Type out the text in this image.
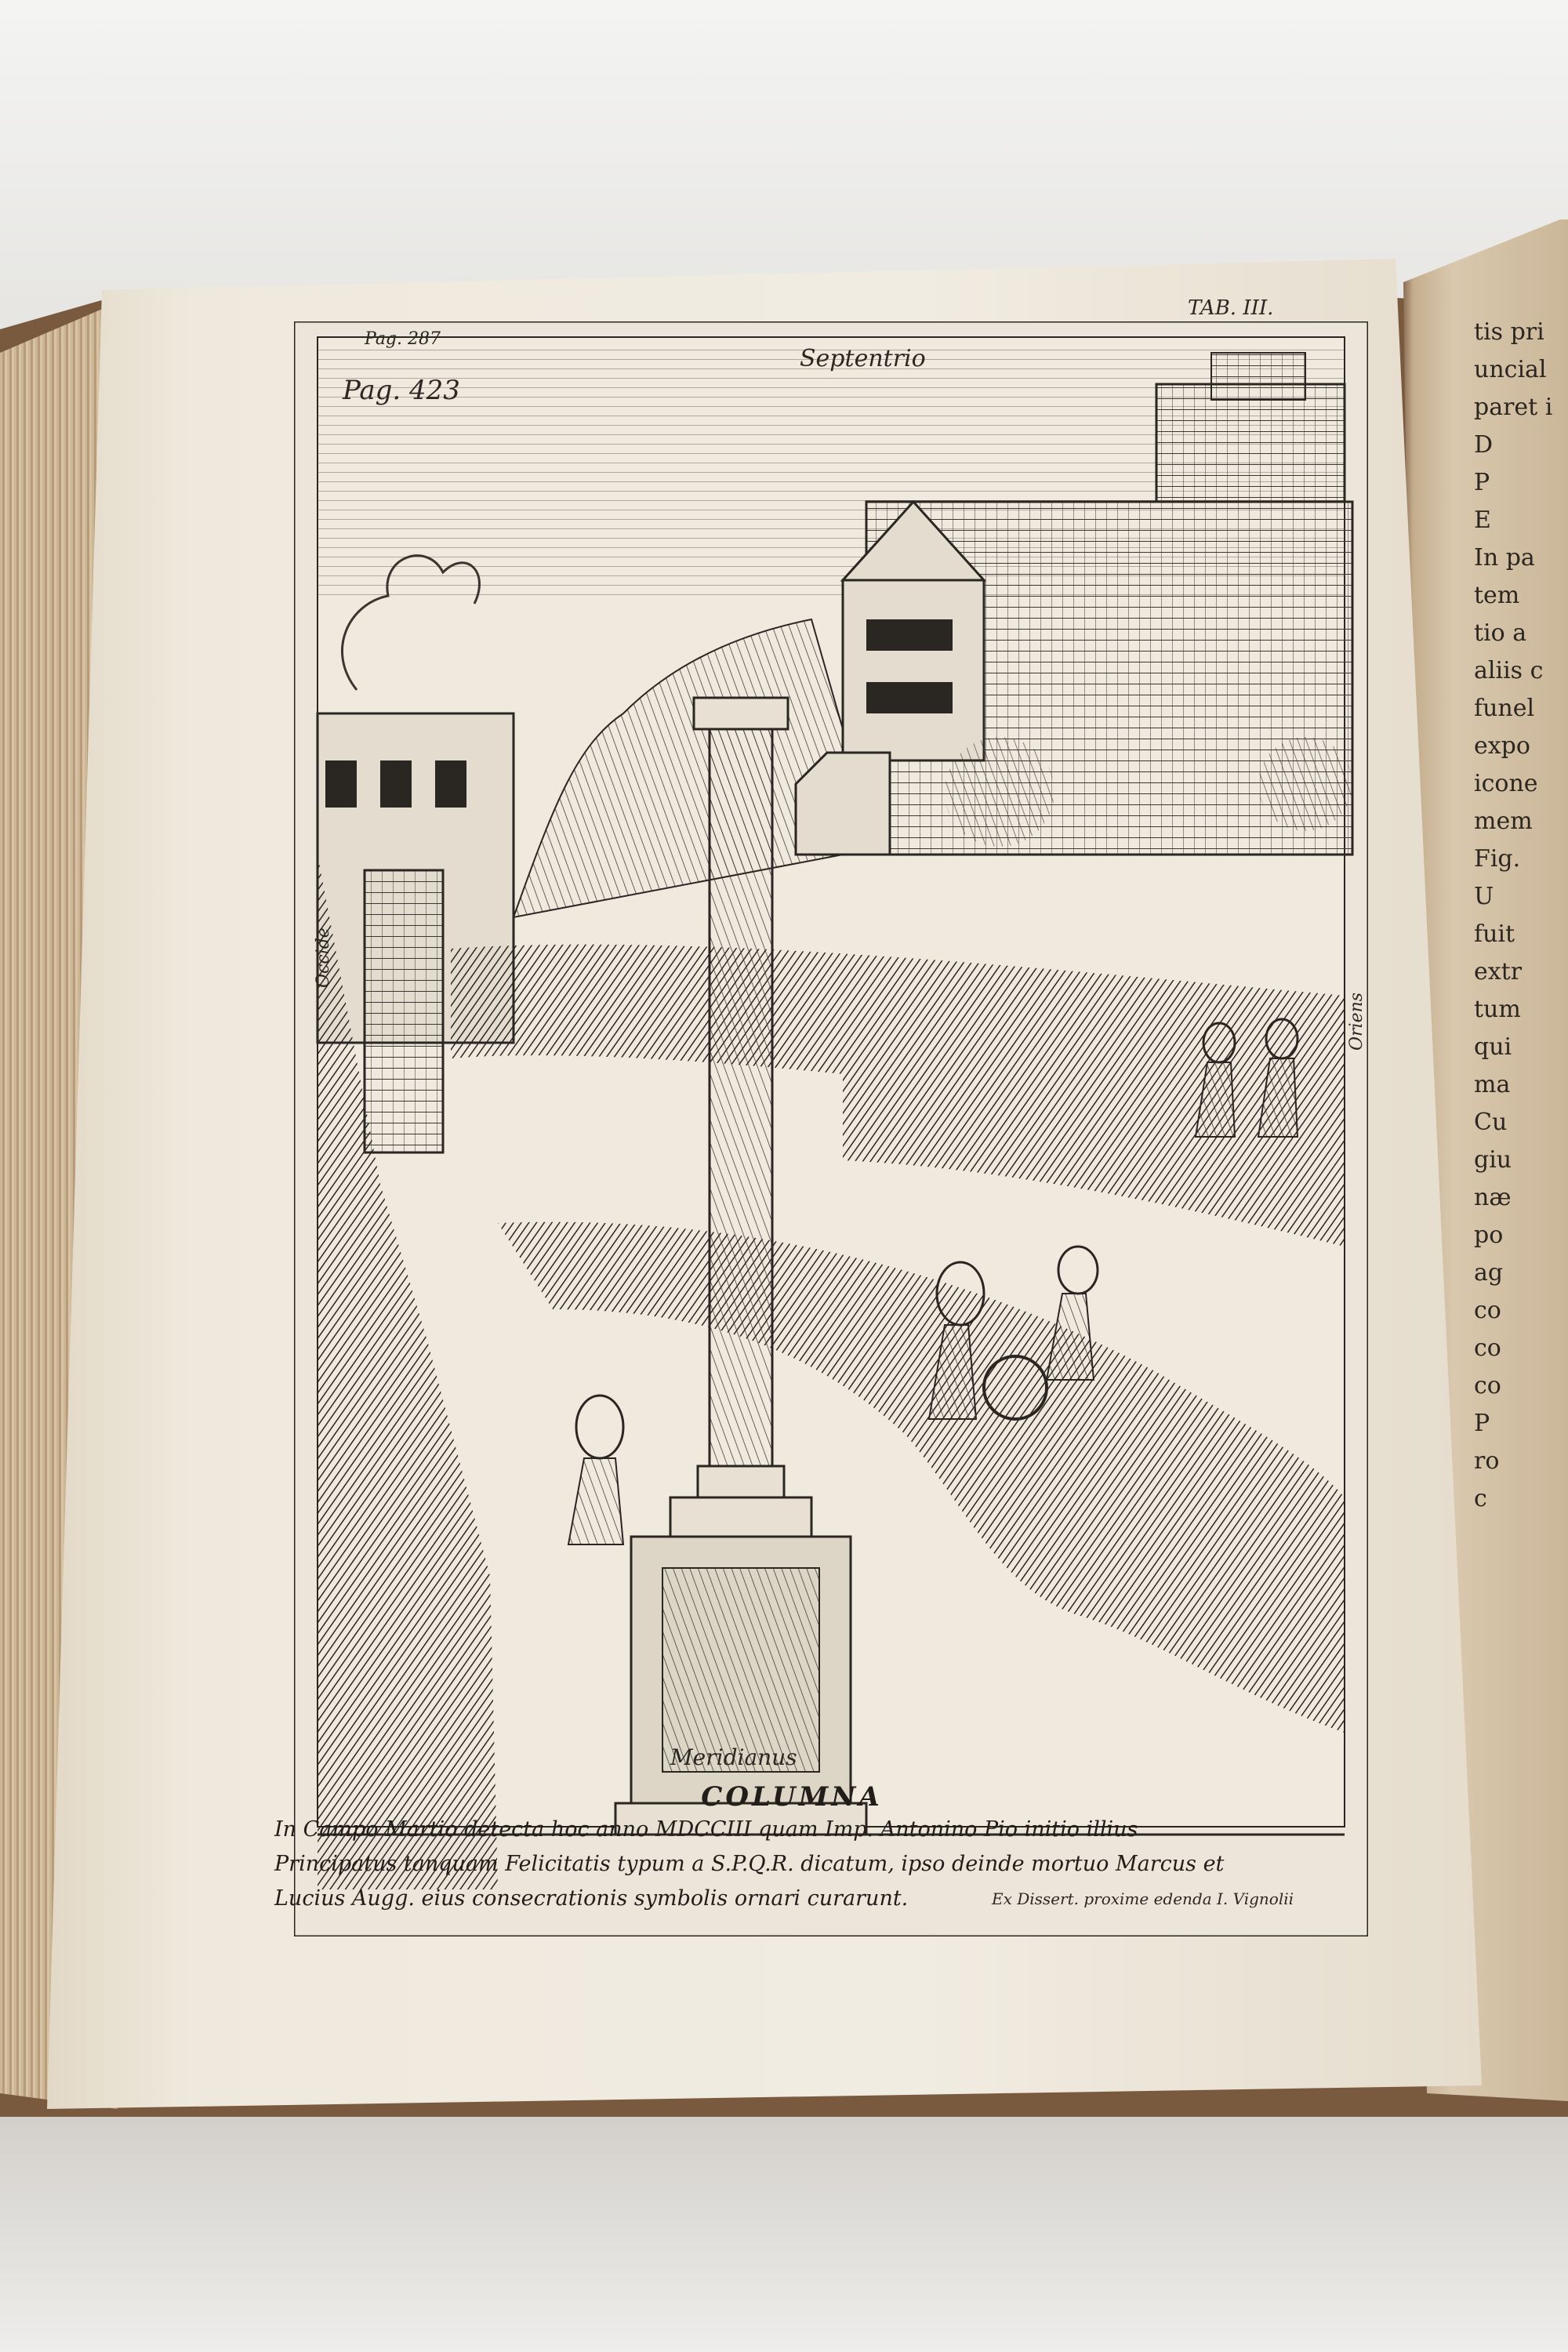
tis pri
uncial
paret i
D
P
E
In pa
tem
tio a
aliis c
funel
expo
icone
mem
Fig.
U
fuit
extr
tum
qui
ma
Cu
giu
næ
po
ag
co
co
co
P
ro
c
Pag. 287
Pag. 423
TAB. III.
Septentrio
Meridianus
Occide
Oriens
COLUMNA
In Campo Martio detecta hoc anno MDCCIII quam Imp. Antonino Pio initio illius
Principatus tanquam Felicitatis typum a S.P.Q.R. dicatum, ipso deinde mortuo Marcus et
Lucius Augg. eius consecrationis symbolis ornari curarunt.	Ex Dissert. proxime edenda I. Vignolii
